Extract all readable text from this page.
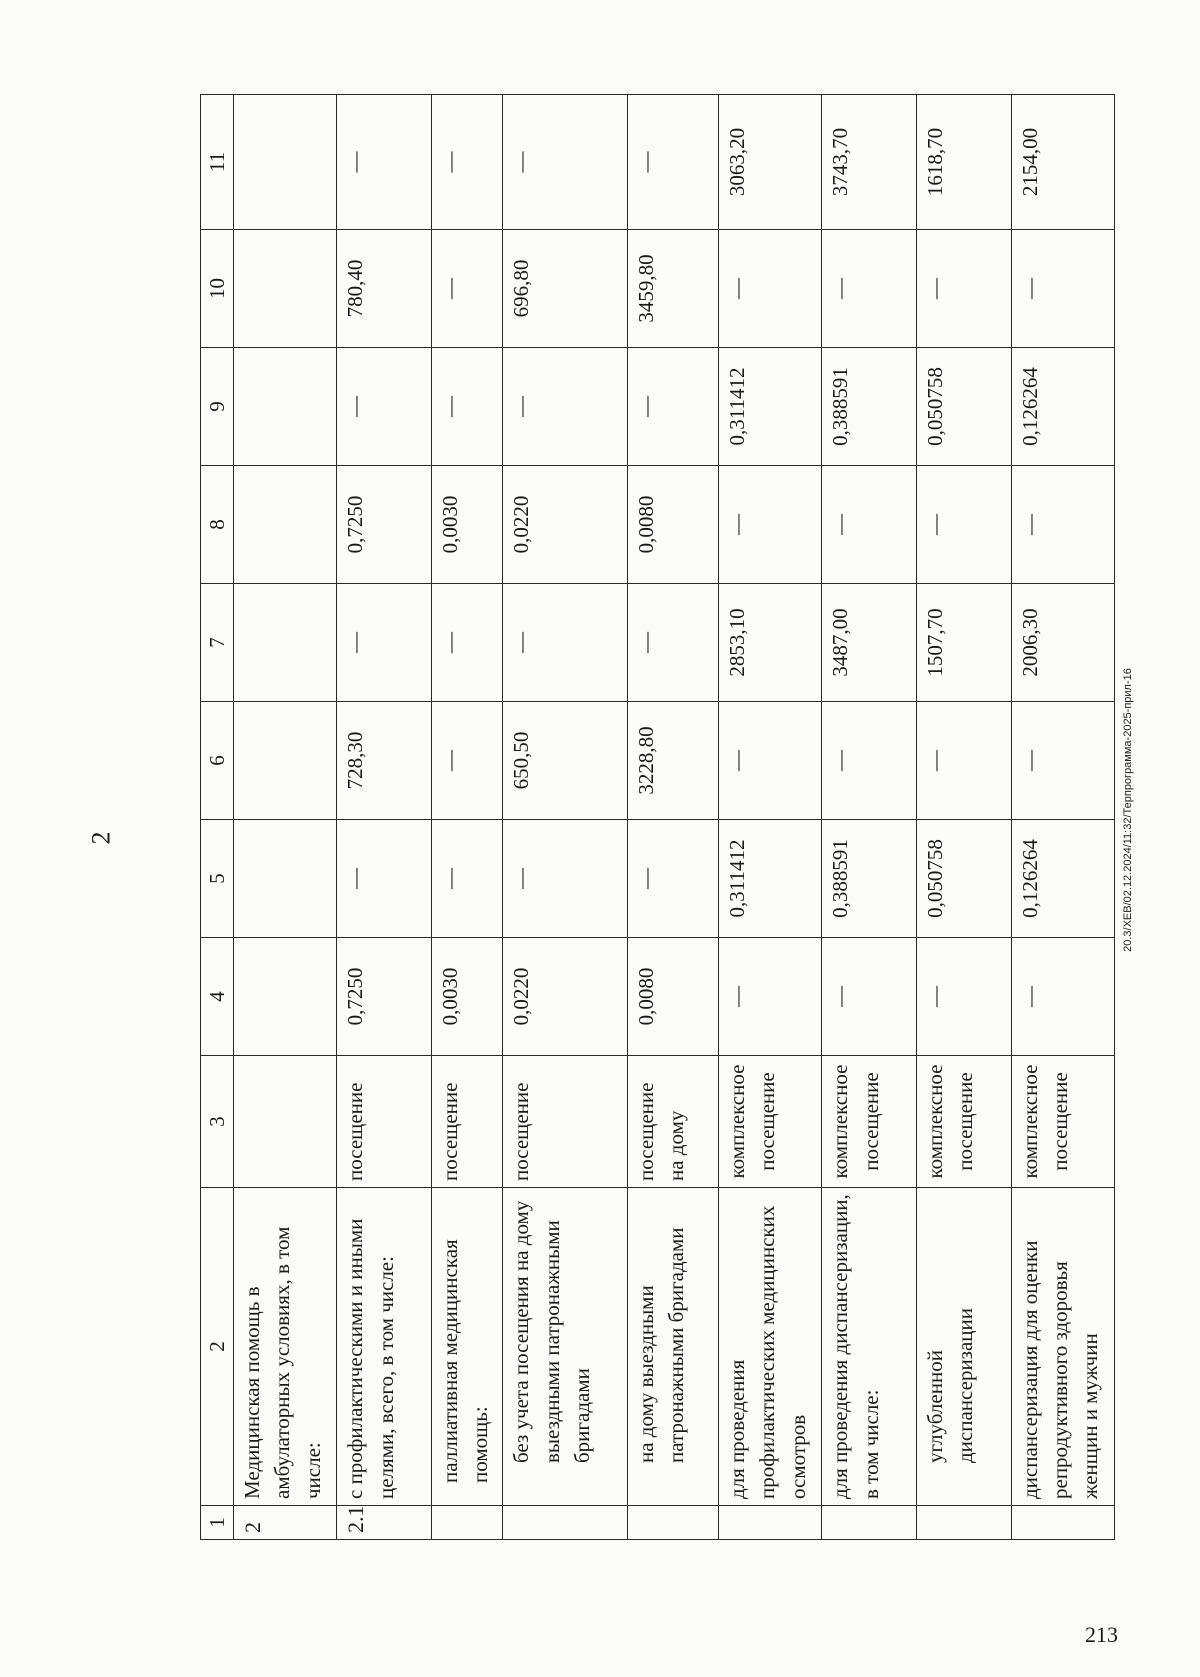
2
1	2	3	4	5	6	7	8	9	10	11
2	Медицинская помощь в амбулаторных условиях, в том числе:									
2.1	с профилактическими и иными целями, всего, в том числе:	посещение	0,7250	—	728,30	—	0,7250	—	780,40	—
	паллиативная медицинская помощь:	посещение	0,0030	—	—	—	0,0030	—	—	—
	без учета посещения на дому выездными патронажными бригадами	посещение	0,0220	—	650,50	—	0,0220	—	696,80	—
	на дому выездными патронажными бригадами	посещение на дому	0,0080	—	3228,80	—	0,0080	—	3459,80	—
	для проведения профилактических медицинских осмотров	комплексное посещение	—	0,311412	—	2853,10	—	0,311412	—	3063,20
	для проведения диспансеризации, в том числе:	комплексное посещение	—	0,388591	—	3487,00	—	0,388591	—	3743,70
	углубленной диспансеризации	комплексное посещение	—	0,050758	—	1507,70	—	0,050758	—	1618,70
	диспансеризация для оценки репродуктивного здоровья женщин и мужчин	комплексное посещение	—	0,126264	—	2006,30	—	0,126264	—	2154,00
20.3/ХЕВ/02.12.2024/11:32/Терпрограмма-2025-прил-16
213
